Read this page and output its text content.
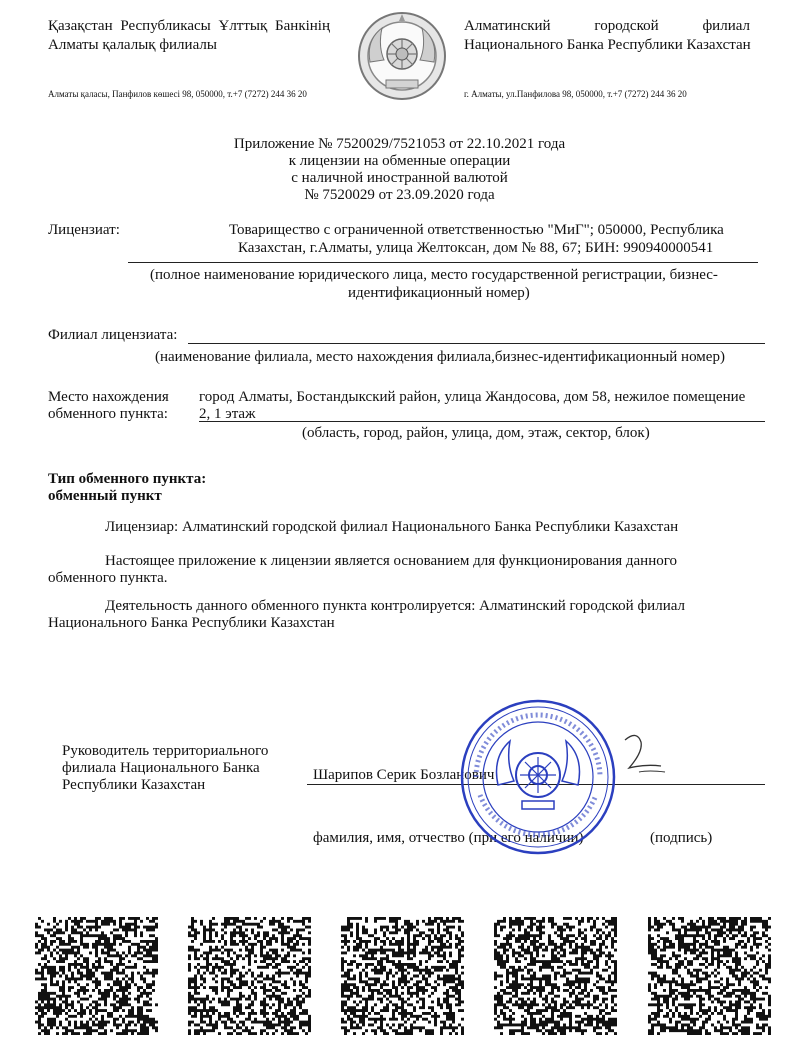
Қазақстан Республикасы Ұлттық Банкінің
Алматы қалалық филиалы
Алматы қаласы, Панфилов көшесі 98, 050000, т.+7 (7272) 244 36 20
Алматинский городской филиал
Национального Банка Республики Казахстан
г. Алматы, ул.Панфилова 98, 050000, т.+7 (7272) 244 36 20
Приложение № 7520029/7521053 от 22.10.2021 года
к лицензии на обменные операции
с наличной иностранной валютой
№ 7520029 от 23.09.2020 года
Лицензиат:	Товарищество с ограниченной ответственностью "МиГ"; 050000, Республика
Казахстан, г.Алматы, улица Желтоксан, дом № 88, 67; БИН: 990940000541
(полное наименование юридического лица, место государственной регистрации, бизнес-
идентификационный номер)
Филиал лицензиата:
(наименование филиала, место нахождения филиала,бизнес-идентификационный номер)
Место нахождения
обменного пункта:
город Алматы, Бостандыкский район, улица Жандосова, дом 58, нежилое помещение
2, 1 этаж
(область, город, район, улица, дом, этаж, сектор, блок)
Тип обменного пункта:
обменный пункт
Лицензиар: Алматинский городской филиал Национального Банка Республики Казахстан
Настоящее приложение к лицензии является основанием для функционирования данного
обменного пункта.
Деятельность данного обменного пункта контролируется: Алматинский городской филиал
Национального Банка Республики Казахстан
Руководитель территориального
филиала Национального Банка
Республики Казахстан
Шарипов Серик Бозланович
фамилия, имя, отчество (при его наличии)	(подпись)
